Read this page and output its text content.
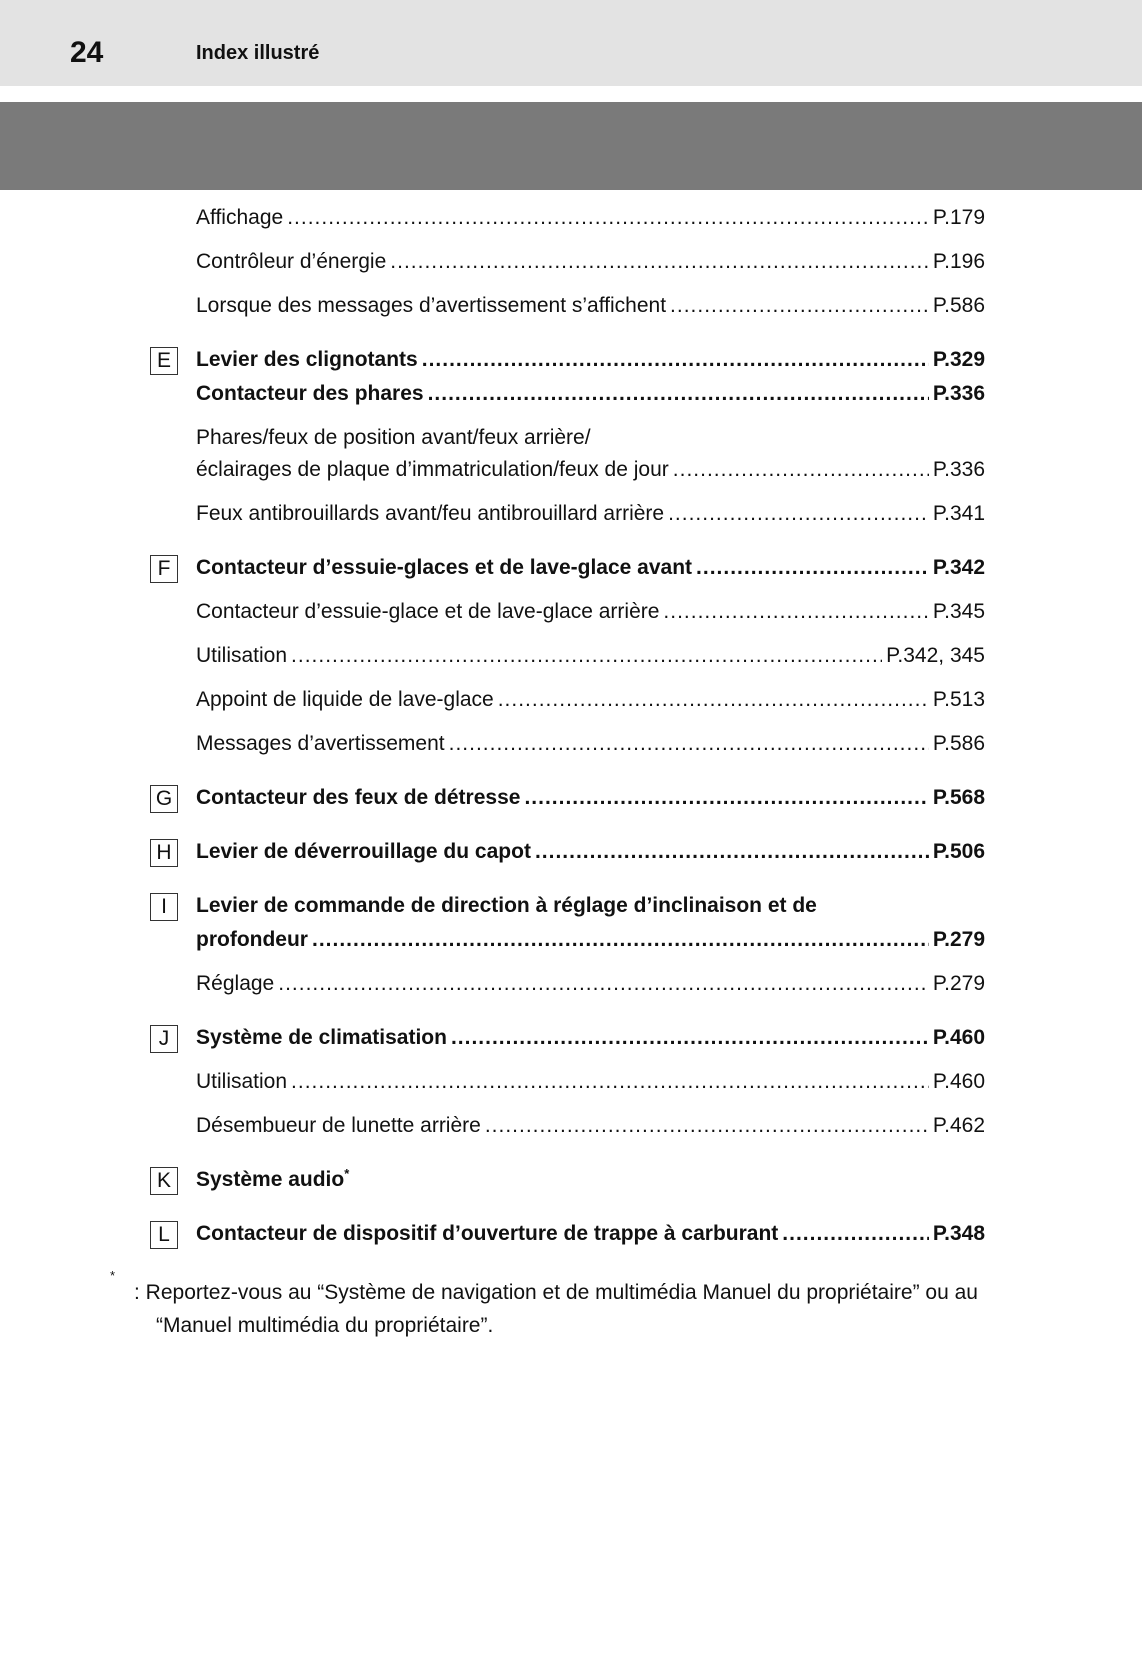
24	Index illustré
Affichage .....	P.179
Contrôleur d’énergie .....	P.196
Lorsque des messages d’avertissement s’affichent .....	P.586
E	Levier des clignotants .....	P.329
Contacteur des phares .....	P.336
Phares/feux de position avant/feux arrière/
éclairages de plaque d’immatriculation/feux de jour .....	P.336
Feux antibrouillards avant/feu antibrouillard arrière .....	P.341
F	Contacteur d’essuie-glaces et de lave-glace avant .....	P.342
Contacteur d’essuie-glace et de lave-glace arrière .....	P.345
Utilisation .....	P.342, 345
Appoint de liquide de lave-glace .....	P.513
Messages d’avertissement .....	P.586
G Contacteur des feux de détresse .....	P.568
H	Levier de déverrouillage du capot .....	P.506
I	Levier de commande de direction à réglage d’inclinaison et de
profondeur .....	P.279
Réglage .....	P.279
J	Système de climatisation .....	P.460
Utilisation .....	P.460
Désembueur de lunette arrière .....	P.462
K	Système audio*
L	Contacteur de dispositif d’ouverture de trappe à carburant .....	P.348
*
: Reportez-vous au “Système de navigation et de multimédia Manuel du propriétaire” ou au
“Manuel multimédia du propriétaire”.
